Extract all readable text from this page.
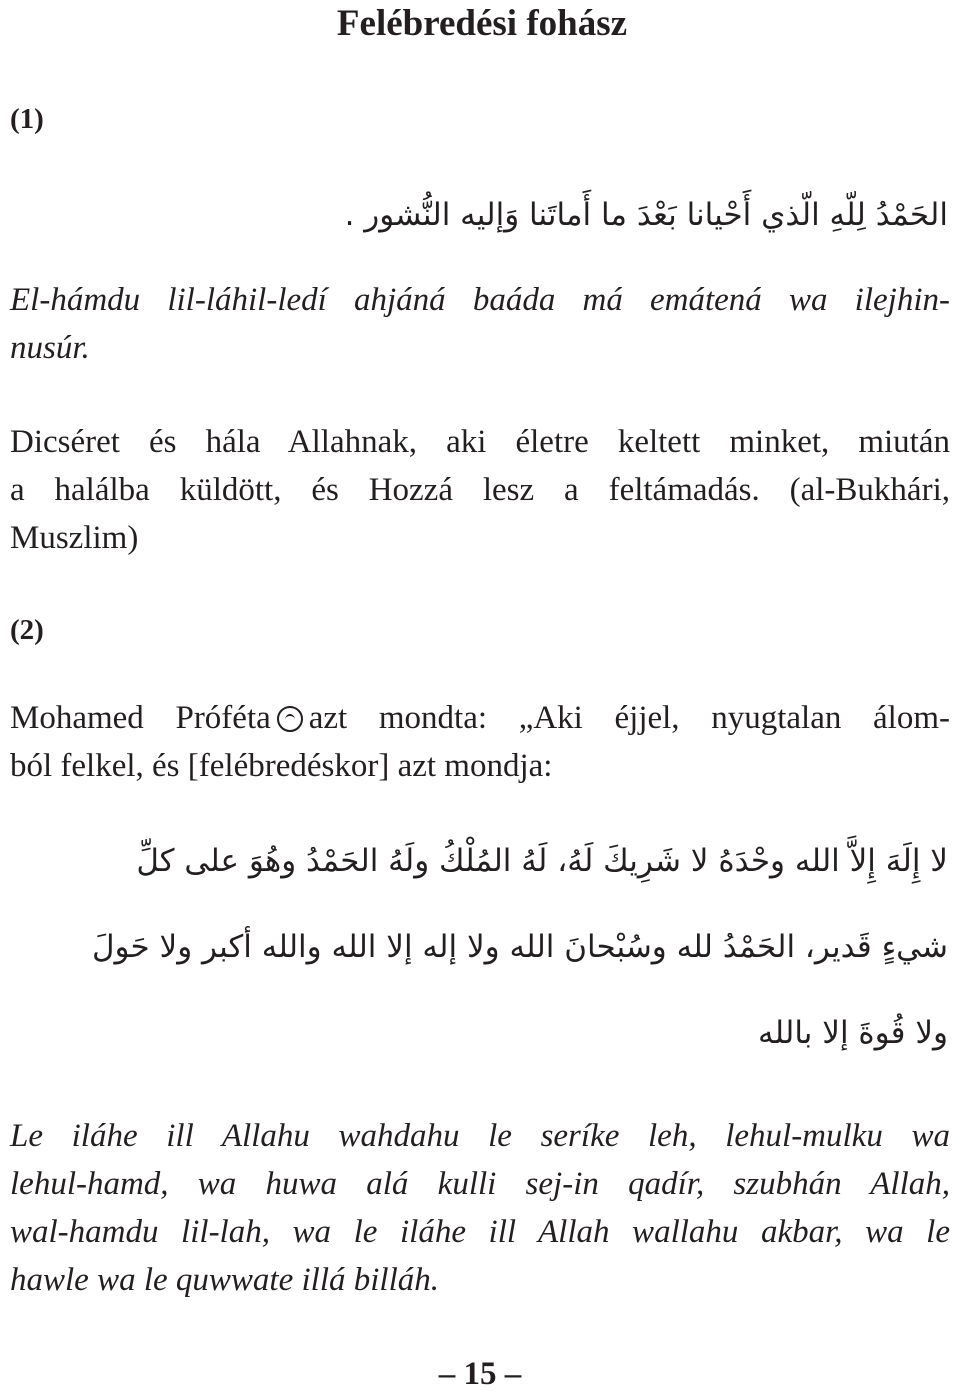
Felébredési fohász
(1)
الحَمْدُ لِلّهِ الّذي أَحْيانا بَعْدَ ما أَماتَنا وَإليه النُّشور .
El-hámdu lil-láhil-ledí ahjáná baáda má emátená wa ilejhin-
nusúr.
Dicséret és hála Allahnak, aki életre keltett minket, miután
a halálba küldött, és Hozzá lesz a feltámadás. (al-Bukhári,
Muszlim)
(2)
Mohamed Próféta azt mondta: „Aki éjjel, nyugtalan álom-
ból felkel, és [felébredéskor] azt mondja:
لا إِلَهَ إِلاَّ الله وحْدَهُ لا شَرِيكَ لَهُ، لَهُ المُلْكُ ولَهُ الحَمْدُ وهُوَ على كلِّ
شيءٍ قَدير، الحَمْدُ لله وسُبْحانَ الله ولا إله إلا الله والله أكبر ولا حَولَ
ولا قُوةَ إلا بالله
Le iláhe ill Allahu wahdahu le seríke leh, lehul-mulku wa
lehul-hamd, wa huwa alá kulli sej-in qadír, szubhán Allah,
wal-hamdu lil-lah, wa le iláhe ill Allah wallahu akbar, wa le
hawle wa le quwwate illá billáh.
– 15 –
